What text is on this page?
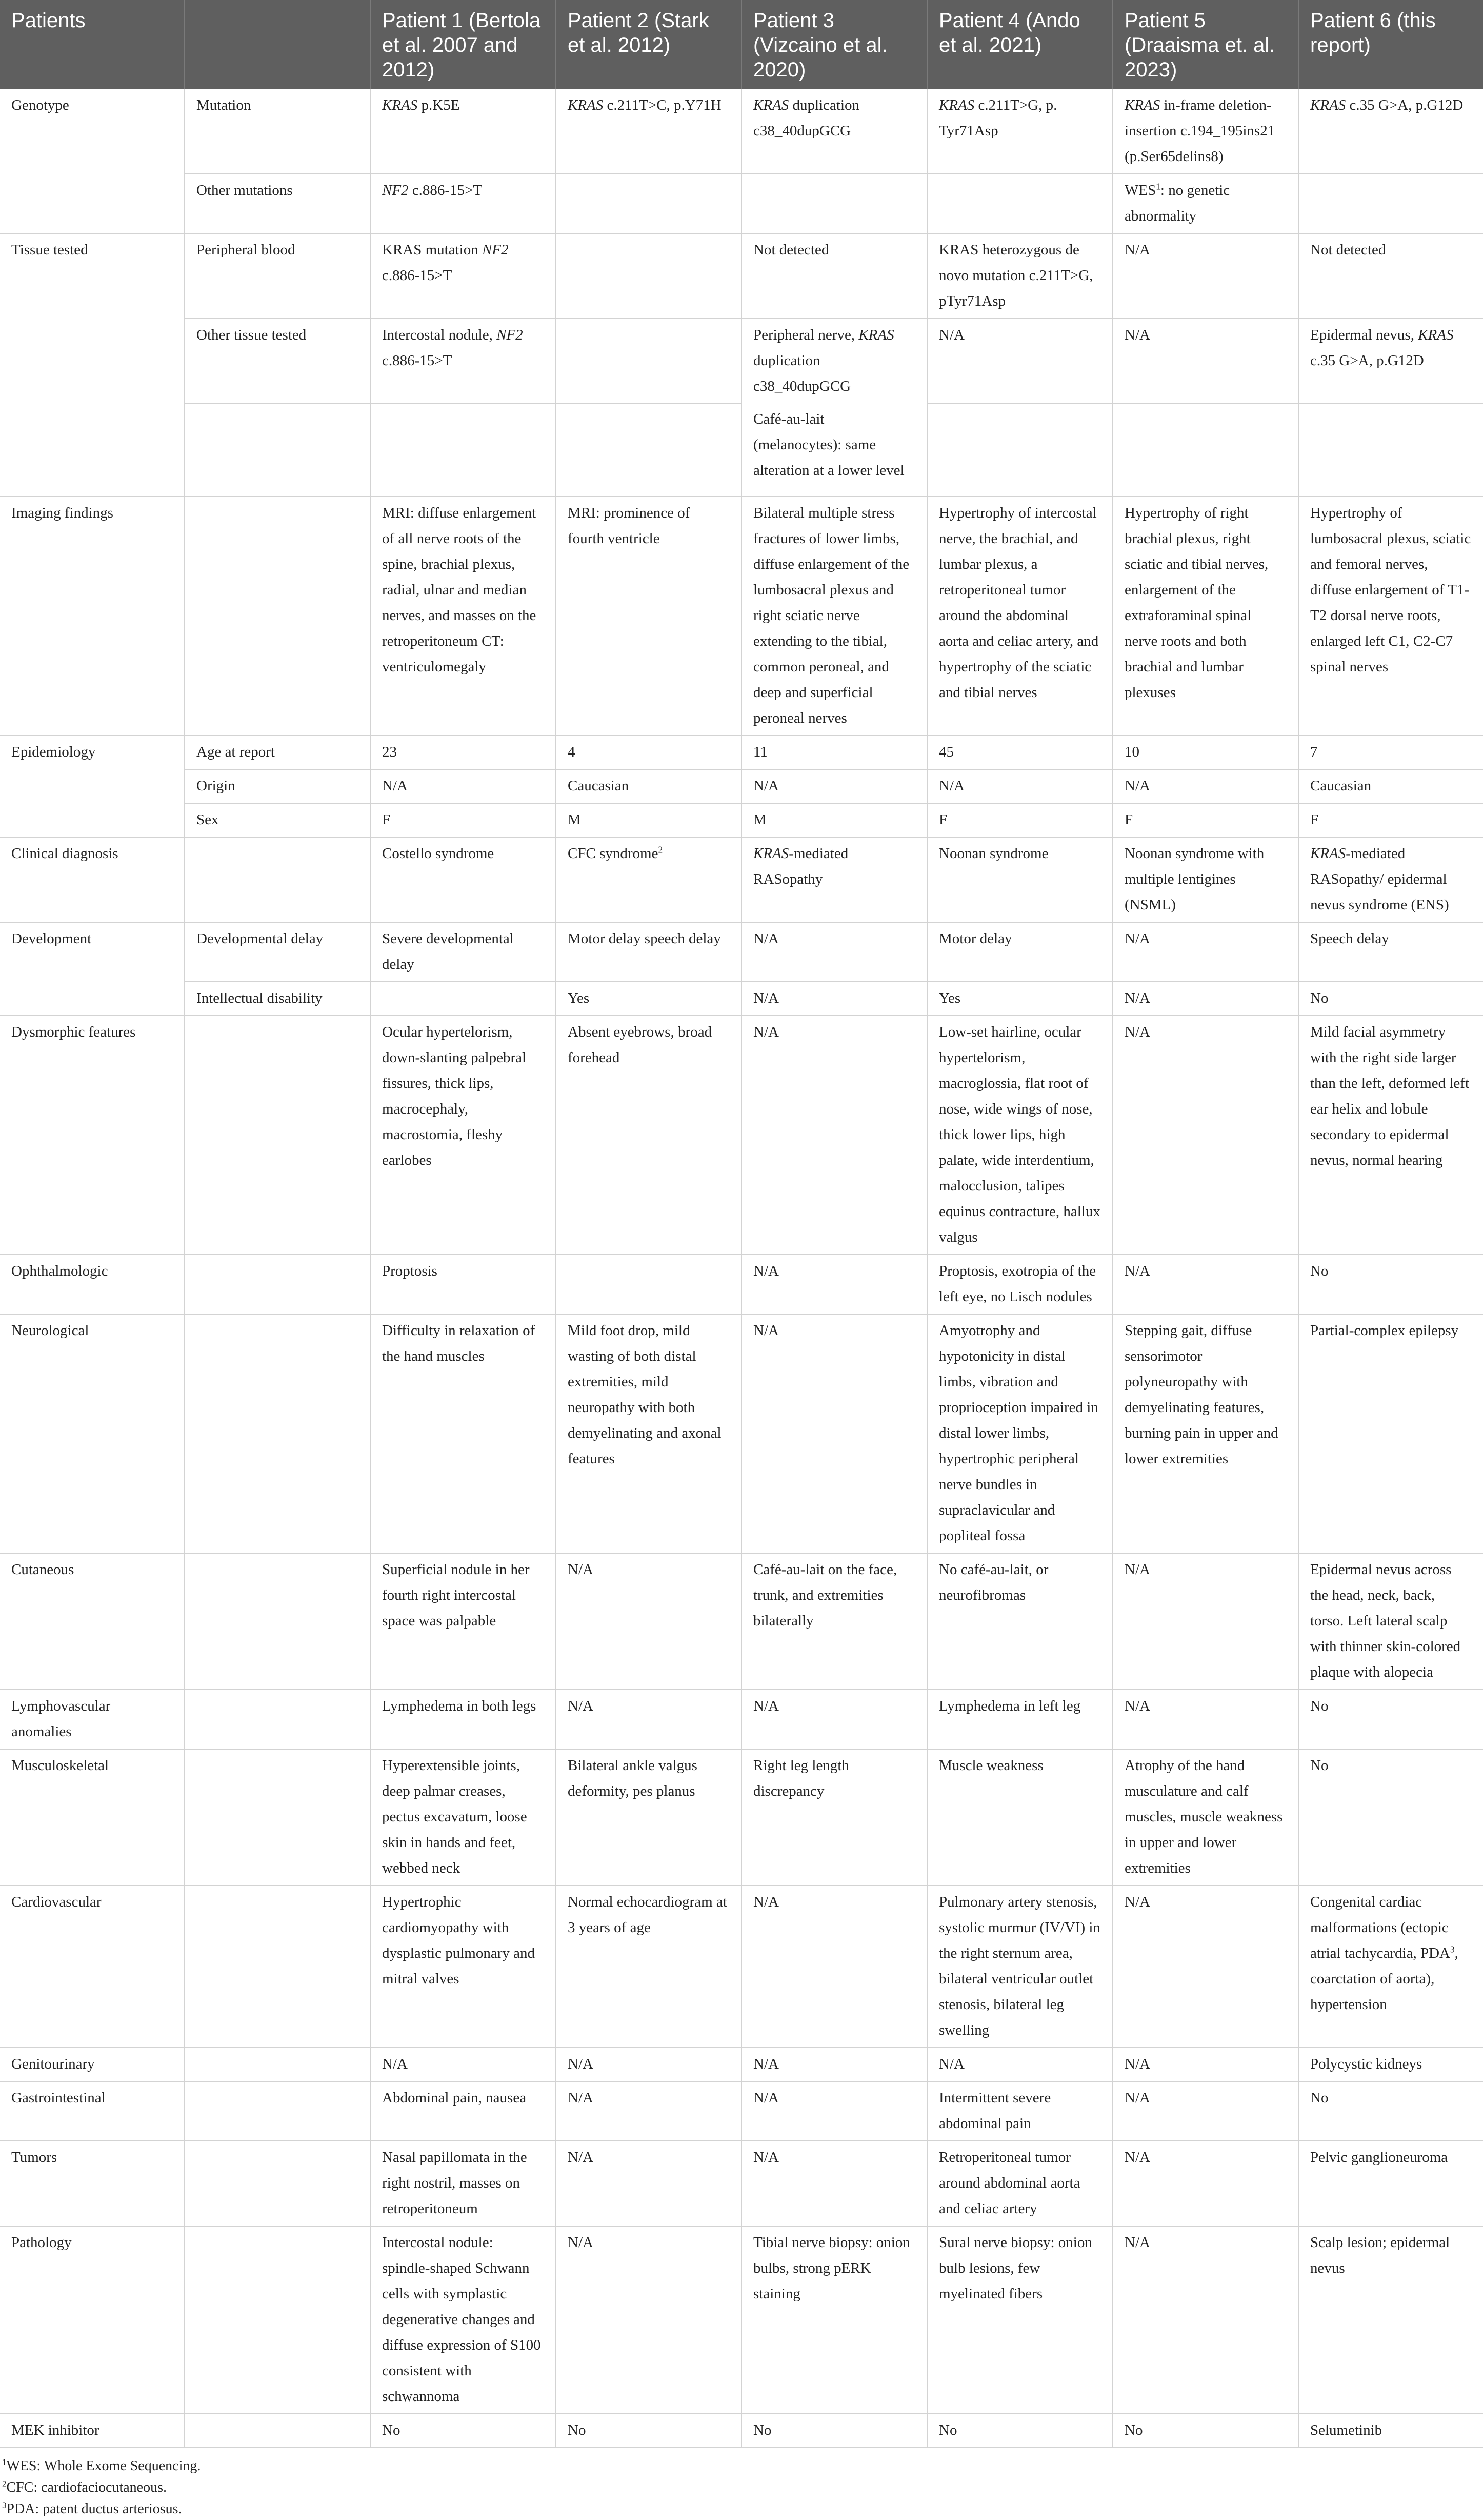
Patients		Patient 1 (Bertola et al. 2007 and 2012)	Patient 2 (Stark et al. 2012)	Patient 3 (Vizcaino et al. 2020)	Patient 4 (Ando et al. 2021)	Patient 5 (Draaisma et. al. 2023)	Patient 6 (this report)
Genotype	Mutation	KRAS p.K5E	KRAS c.211T>C, p.Y71H	KRAS duplication c38_40dupGCG	KRAS c.211T>G, p. Tyr71Asp	KRAS in-frame deletion-insertion c.194_195ins21 (p.Ser65delins8)	KRAS c.35 G>A, p.G12D
	Other mutations	NF2 c.886-15>T				WES$^1$: no genetic abnormality	
Tissue tested	Peripheral blood	KRAS mutation NF2 c.886-15>T		Not detected	KRAS heterozygous de novo mutation c.211T>G, pTyr71Asp	N/A	Not detected
	Other tissue tested	Intercostal nodule, NF2 c.886-15>T		Peripheral nerve, KRAS duplication c38_40dupGCG	N/A	N/A	Epidermal nevus, KRAS c.35 G>A, p.G12D
				Café-au-lait (melanocytes): same alteration at a lower level			
Imaging findings		MRI: diffuse enlargement of all nerve roots of the spine, brachial plexus, radial, ulnar and median nerves, and masses on the retroperitoneum CT: ventriculomegaly	MRI: prominence of fourth ventricle	Bilateral multiple stress fractures of lower limbs, diffuse enlargement of the lumbosacral plexus and right sciatic nerve extending to the tibial, common peroneal, and deep and superficial peroneal nerves	Hypertrophy of intercostal nerve, the brachial, and lumbar plexus, a retroperitoneal tumor around the abdominal aorta and celiac artery, and hypertrophy of the sciatic and tibial nerves	Hypertrophy of right brachial plexus, right sciatic and tibial nerves, enlargement of the extraforaminal spinal nerve roots and both brachial and lumbar plexuses	Hypertrophy of lumbosacral plexus, sciatic and femoral nerves, diffuse enlargement of T1-T2 dorsal nerve roots, enlarged left C1, C2-C7 spinal nerves
Epidemiology	Age at report	23	4	11	45	10	7
	Origin	N/A	Caucasian	N/A	N/A	N/A	Caucasian
	Sex	F	M	M	F	F	F
Clinical diagnosis		Costello syndrome	CFC syndrome$^2$	KRAS-mediated RASopathy	Noonan syndrome	Noonan syndrome with multiple lentigines (NSML)	KRAS-mediated RASopathy/ epidermal nevus syndrome (ENS)
Development	Developmental delay	Severe developmental delay	Motor delay speech delay	N/A	Motor delay	N/A	Speech delay
	Intellectual disability		Yes	N/A	Yes	N/A	No
Dysmorphic features		Ocular hypertelorism, down-slanting palpebral fissures, thick lips, macrocephaly, macrostomia, fleshy earlobes	Absent eyebrows, broad forehead	N/A	Low-set hairline, ocular hypertelorism, macroglossia, flat root of nose, wide wings of nose, thick lower lips, high palate, wide interdentium, malocclusion, talipes equinus contracture, hallux valgus	N/A	Mild facial asymmetry with the right side larger than the left, deformed left ear helix and lobule secondary to epidermal nevus, normal hearing
Ophthalmologic		Proptosis		N/A	Proptosis, exotropia of the left eye, no Lisch nodules	N/A	No
Neurological		Difficulty in relaxation of the hand muscles	Mild foot drop, mild wasting of both distal extremities, mild neuropathy with both demyelinating and axonal features	N/A	Amyotrophy and hypotonicity in distal limbs, vibration and proprioception impaired in distal lower limbs, hypertrophic peripheral nerve bundles in supraclavicular and popliteal fossa	Stepping gait, diffuse sensorimotor polyneuropathy with demyelinating features, burning pain in upper and lower extremities	Partial-complex epilepsy
Cutaneous		Superficial nodule in her fourth right intercostal space was palpable	N/A	Café-au-lait on the face, trunk, and extremities bilaterally	No café-au-lait, or neurofibromas	N/A	Epidermal nevus across the head, neck, back, torso. Left lateral scalp with thinner skin-colored plaque with alopecia
Lymphovascular anomalies		Lymphedema in both legs	N/A	N/A	Lymphedema in left leg	N/A	No
Musculoskeletal		Hyperextensible joints, deep palmar creases, pectus excavatum, loose skin in hands and feet, webbed neck	Bilateral ankle valgus deformity, pes planus	Right leg length discrepancy	Muscle weakness	Atrophy of the hand musculature and calf muscles, muscle weakness in upper and lower extremities	No
Cardiovascular		Hypertrophic cardiomyopathy with dysplastic pulmonary and mitral valves	Normal echocardiogram at 3 years of age	N/A	Pulmonary artery stenosis, systolic murmur (IV/VI) in the right sternum area, bilateral ventricular outlet stenosis, bilateral leg swelling	N/A	Congenital cardiac malformations (ectopic atrial tachycardia, PDA$^3$, coarctation of aorta), hypertension
Genitourinary		N/A	N/A	N/A	N/A	N/A	Polycystic kidneys
Gastrointestinal		Abdominal pain, nausea	N/A	N/A	Intermittent severe abdominal pain	N/A	No
Tumors		Nasal papillomata in the right nostril, masses on retroperitoneum	N/A	N/A	Retroperitoneal tumor around abdominal aorta and celiac artery	N/A	Pelvic ganglioneuroma
Pathology		Intercostal nodule: spindle-shaped Schwann cells with symplastic degenerative changes and diffuse expression of S100 consistent with schwannoma	N/A	Tibial nerve biopsy: onion bulbs, strong pERK staining	Sural nerve biopsy: onion bulb lesions, few myelinated fibers	N/A	Scalp lesion; epidermal nevus
MEK inhibitor		No	No	No	No	No	Selumetinib
$^1$WES: Whole Exome Sequencing.
$^2$CFC: cardiofaciocutaneous.
$^3$PDA: patent ductus arteriosus.
